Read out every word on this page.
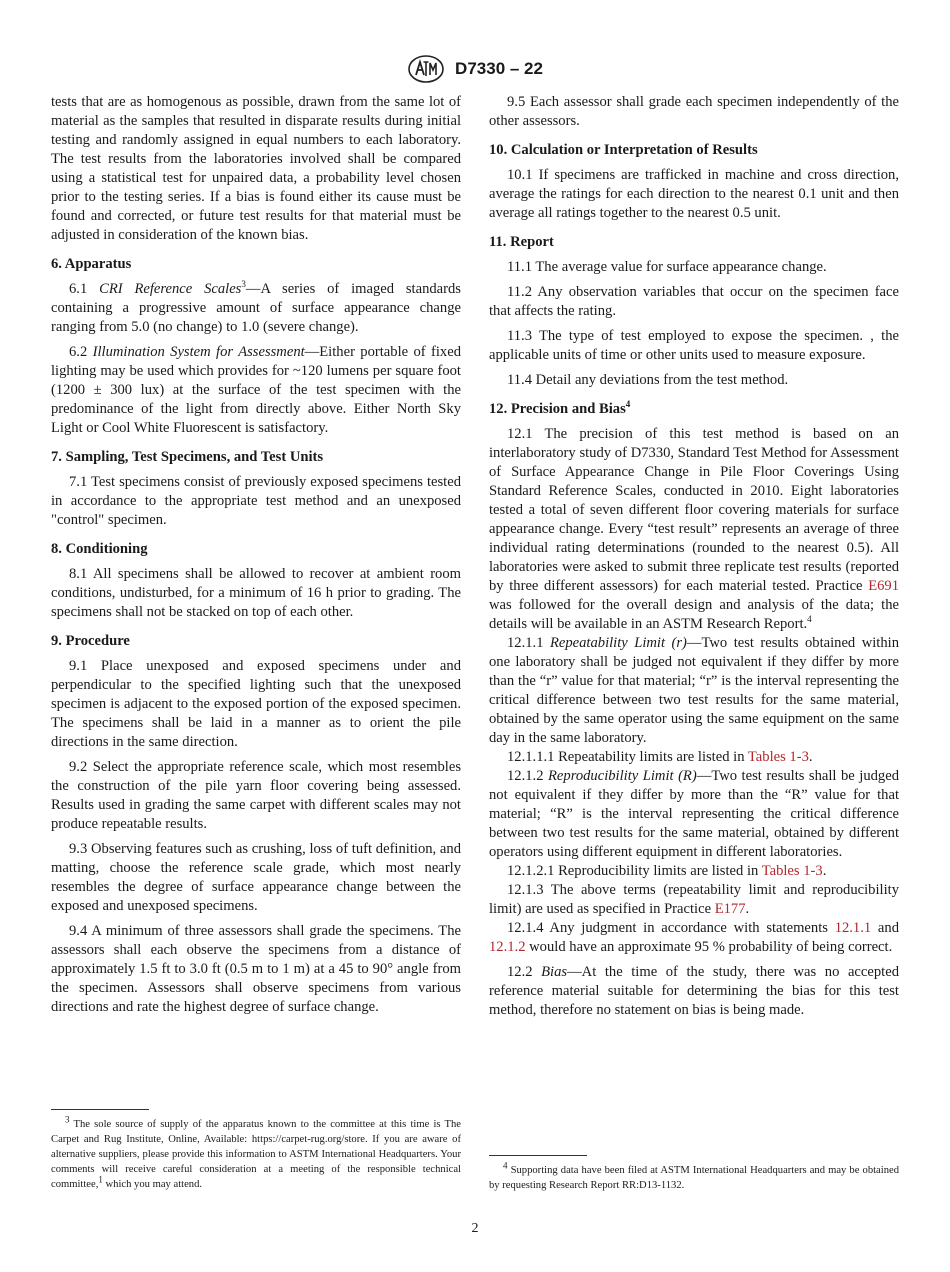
D7330 – 22

tests that are as homogenous as possible, drawn from the same lot of material as the samples that resulted in disparate results during initial testing and randomly assigned in equal numbers to each laboratory. The test results from the laboratories involved shall be compared using a statistical test for unpaired data, a probability level chosen prior to the testing series. If a bias is found either its cause must be found and corrected, or future test results for that material must be adjusted in consideration of the known bias.

6. Apparatus

6.1 CRI Reference Scales$^3$—A series of imaged standards containing a progressive amount of surface appearance change ranging from 5.0 (no change) to 1.0 (severe change).

6.2 Illumination System for Assessment—Either portable of fixed lighting may be used which provides for ~120 lumens per square foot (1200 ± 300 lux) at the surface of the test specimen with the predominance of the light from directly above. Either North Sky Light or Cool White Fluorescent is satisfactory.

7. Sampling, Test Specimens, and Test Units

7.1 Test specimens consist of previously exposed specimens tested in accordance to the appropriate test method and an unexposed "control" specimen.

8. Conditioning

8.1 All specimens shall be allowed to recover at ambient room conditions, undisturbed, for a minimum of 16 h prior to grading. The specimens shall not be stacked on top of each other.

9. Procedure

9.1 Place unexposed and exposed specimens under and perpendicular to the specified lighting such that the unexposed specimen is adjacent to the exposed portion of the exposed specimen. The specimens shall be laid in a manner as to orient the pile directions in the same direction.

9.2 Select the appropriate reference scale, which most resembles the construction of the pile yarn floor covering being assessed. Results used in grading the same carpet with different scales may not produce repeatable results.

9.3 Observing features such as crushing, loss of tuft definition, and matting, choose the reference scale grade, which most nearly resembles the degree of surface appearance change between the exposed and unexposed specimens.

9.4 A minimum of three assessors shall grade the specimens. The assessors shall each observe the specimens from a distance of approximately 1.5 ft to 3.0 ft (0.5 m to 1 m) at a 45 to 90° angle from the specimen. Assessors shall observe specimens from various directions and rate the highest degree of surface change.

$^3$ The sole source of supply of the apparatus known to the committee at this time is The Carpet and Rug Institute, Online, Available: https://carpet-rug.org/store. If you are aware of alternative suppliers, please provide this information to ASTM International Headquarters. Your comments will receive careful consideration at a meeting of the responsible technical committee,$^1$ which you may attend.

9.5 Each assessor shall grade each specimen independently of the other assessors.

10. Calculation or Interpretation of Results

10.1 If specimens are trafficked in machine and cross direction, average the ratings for each direction to the nearest 0.1 unit and then average all ratings together to the nearest 0.5 unit.

11. Report

11.1 The average value for surface appearance change.

11.2 Any observation variables that occur on the specimen face that affects the rating.

11.3 The type of test employed to expose the specimen. , the applicable units of time or other units used to measure exposure.

11.4 Detail any deviations from the test method.

12. Precision and Bias$^4$

12.1 The precision of this test method is based on an interlaboratory study of D7330, Standard Test Method for Assessment of Surface Appearance Change in Pile Floor Coverings Using Standard Reference Scales, conducted in 2010. Eight laboratories tested a total of seven different floor covering materials for surface appearance change. Every “test result” represents an average of three individual rating determinations (rounded to the nearest 0.5). All laboratories were asked to submit three replicate test results (reported by three different assessors) for each material tested. Practice E691 was followed for the overall design and analysis of the data; the details will be available in an ASTM Research Report.$^4$

12.1.1 Repeatability Limit (r)—Two test results obtained within one laboratory shall be judged not equivalent if they differ by more than the “r” value for that material; “r” is the interval representing the critical difference between two test results for the same material, obtained by the same operator using the same equipment on the same day in the same laboratory.

12.1.1.1 Repeatability limits are listed in Tables 1-3.

12.1.2 Reproducibility Limit (R)—Two test results shall be judged not equivalent if they differ by more than the “R” value for that material; “R” is the interval representing the critical difference between two test results for the same material, obtained by different operators using different equipment in different laboratories.

12.1.2.1 Reproducibility limits are listed in Tables 1-3.

12.1.3 The above terms (repeatability limit and reproducibility limit) are used as specified in Practice E177.

12.1.4 Any judgment in accordance with statements 12.1.1 and 12.1.2 would have an approximate 95 % probability of being correct.

12.2 Bias—At the time of the study, there was no accepted reference material suitable for determining the bias for this test method, therefore no statement on bias is being made.

$^4$ Supporting data have been filed at ASTM International Headquarters and may be obtained by requesting Research Report RR:D13-1132.

2
